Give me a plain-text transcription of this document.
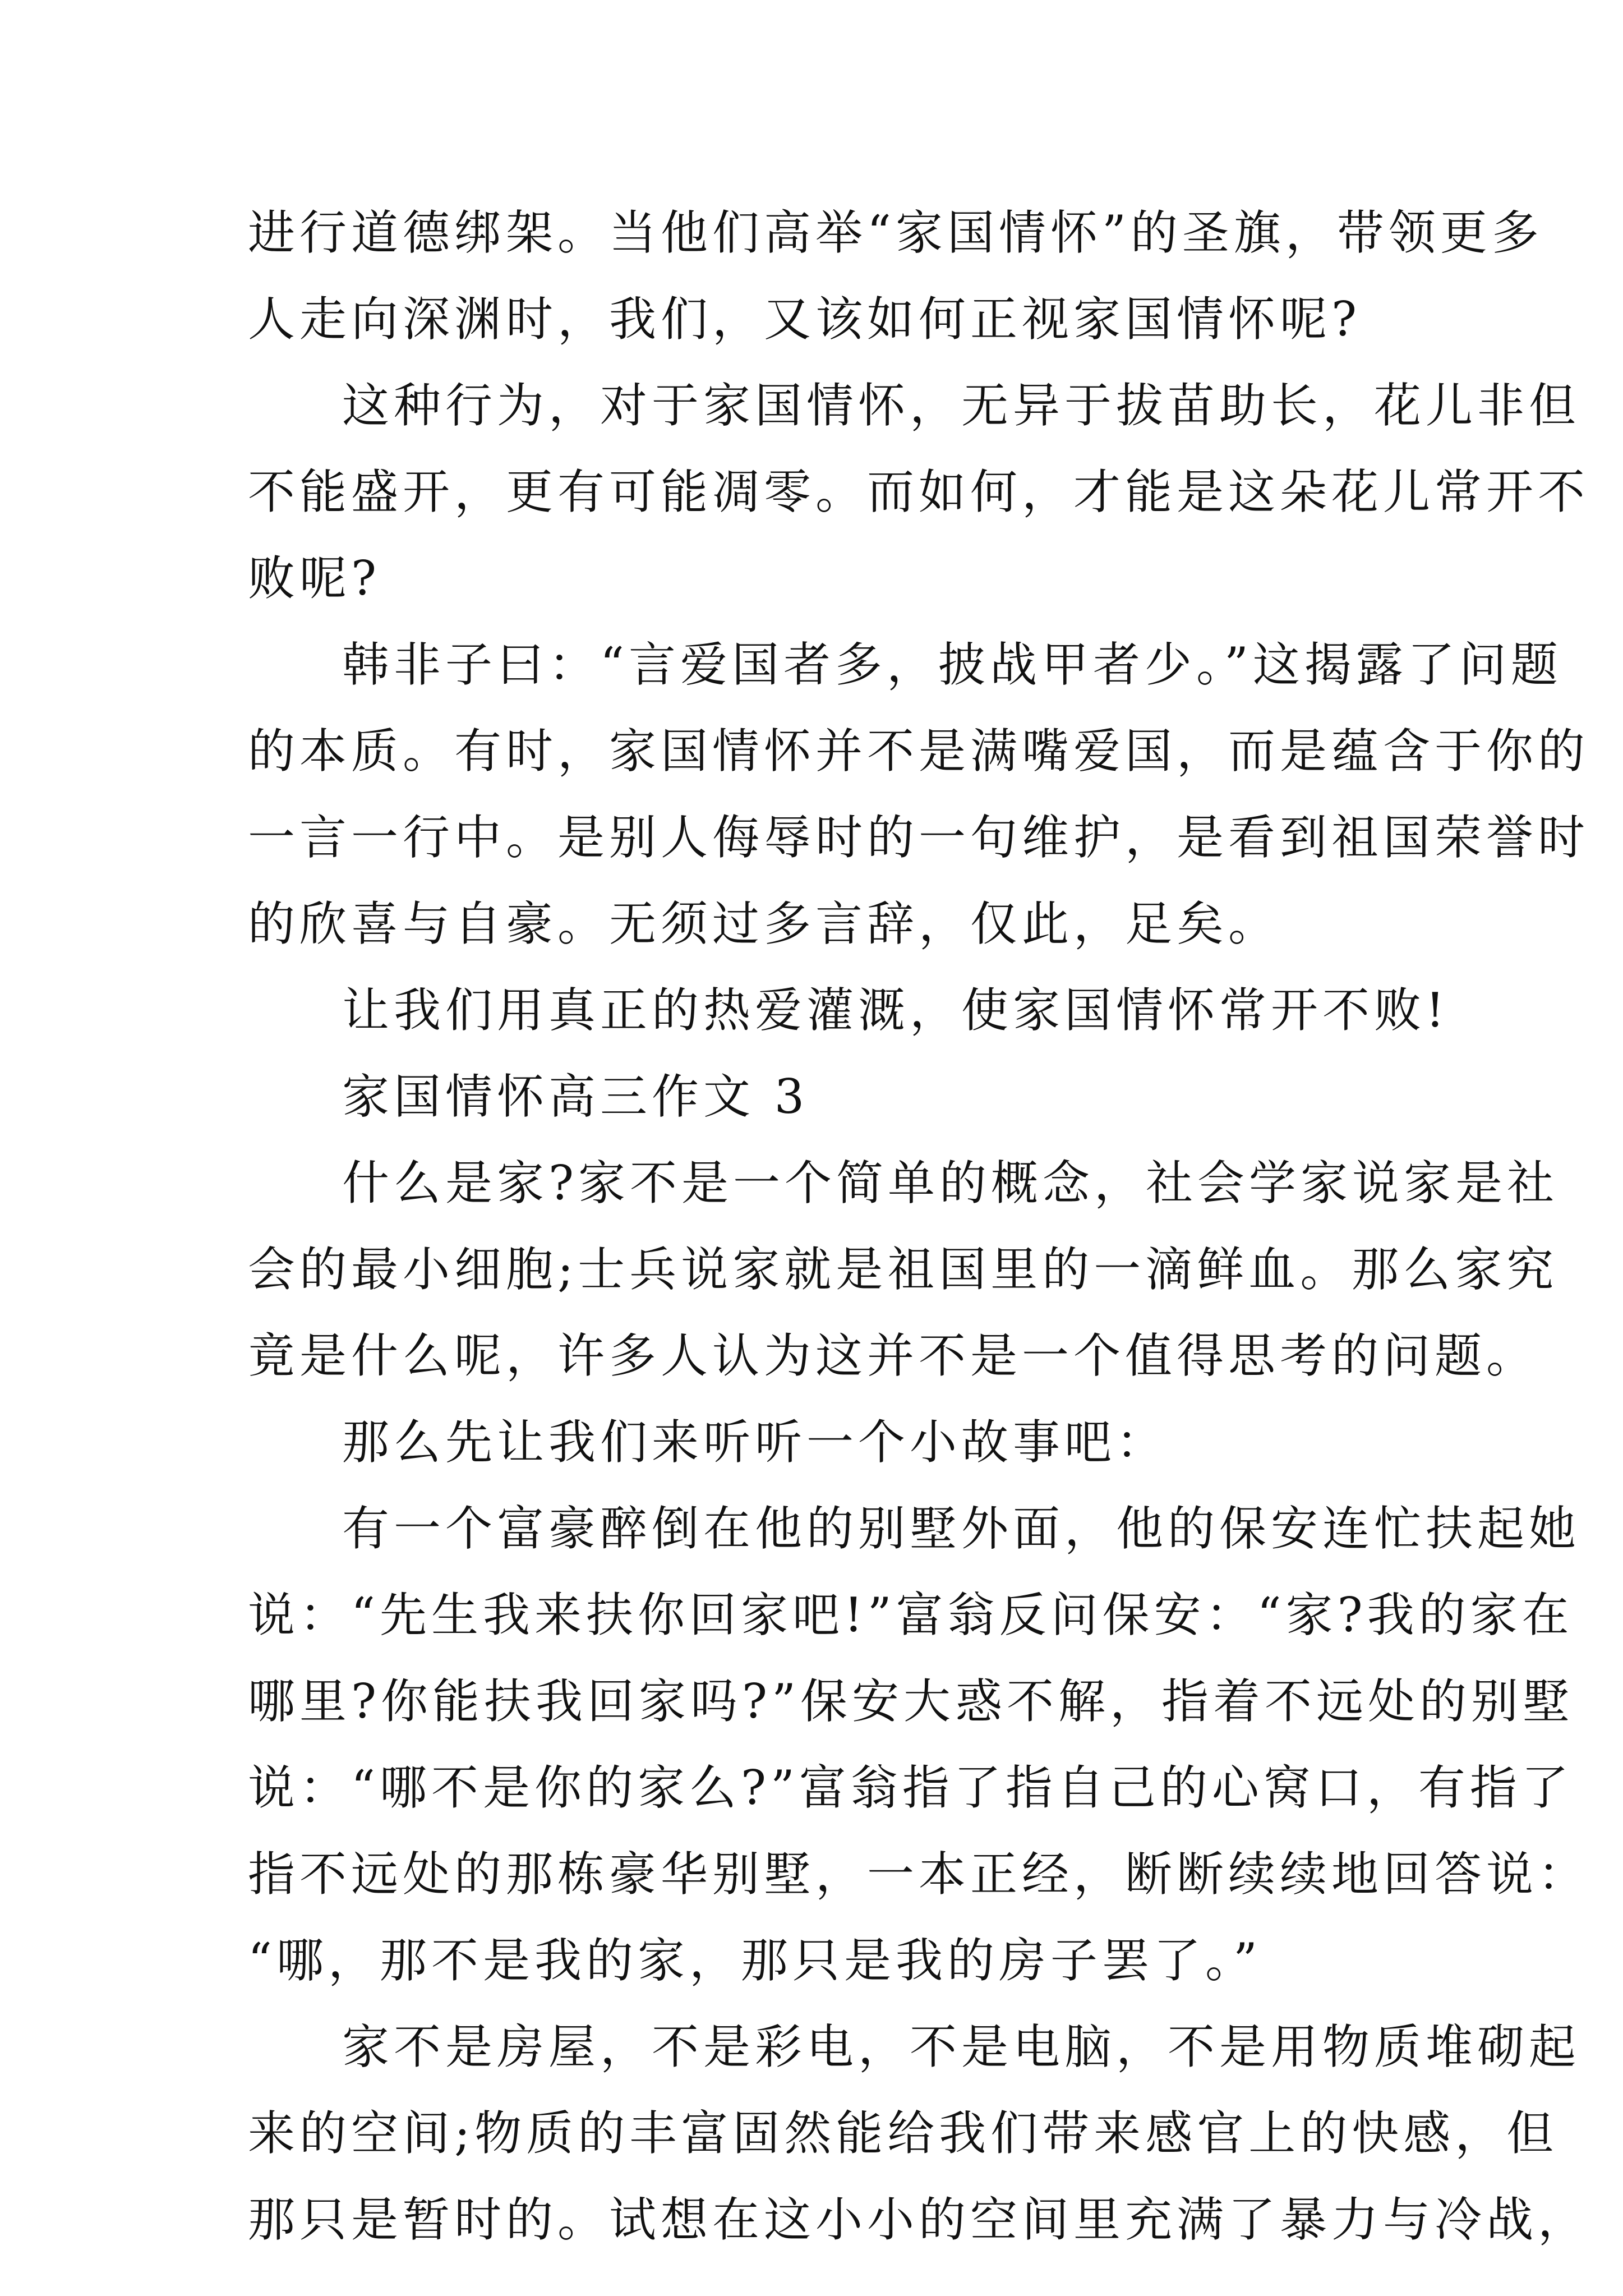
进行道德绑架。当他们高举“家国情怀”的圣旗，带领更多
人走向深渊时，我们，又该如何正视家国情怀呢?
这种行为，对于家国情怀，无异于拔苗助长，花儿非但
不能盛开，更有可能凋零。而如何，才能是这朵花儿常开不
败呢?
韩非子曰：“言爱国者多，披战甲者少。”这揭露了问题
的本质。有时，家国情怀并不是满嘴爱国，而是蕴含于你的
一言一行中。是别人侮辱时的一句维护，是看到祖国荣誉时
的欣喜与自豪。无须过多言辞，仅此，足矣。
让我们用真正的热爱灌溉，使家国情怀常开不败!
家国情怀高三作文 3
什么是家?家不是一个简单的概念，社会学家说家是社
会的最小细胞;士兵说家就是祖国里的一滴鲜血。那么家究
竟是什么呢，许多人认为这并不是一个值得思考的问题。
那么先让我们来听听一个小故事吧：
有一个富豪醉倒在他的别墅外面，他的保安连忙扶起她
说：“先生我来扶你回家吧!”富翁反问保安：“家?我的家在
哪里?你能扶我回家吗?”保安大惑不解，指着不远处的别墅
说：“哪不是你的家么?”富翁指了指自己的心窝口，有指了
指不远处的那栋豪华别墅，一本正经，断断续续地回答说：
“哪，那不是我的家，那只是我的房子罢了。”
家不是房屋，不是彩电，不是电脑，不是用物质堆砌起
来的空间;物质的丰富固然能给我们带来感官上的快感，但
那只是暂时的。试想在这小小的空间里充满了暴力与冷战，
